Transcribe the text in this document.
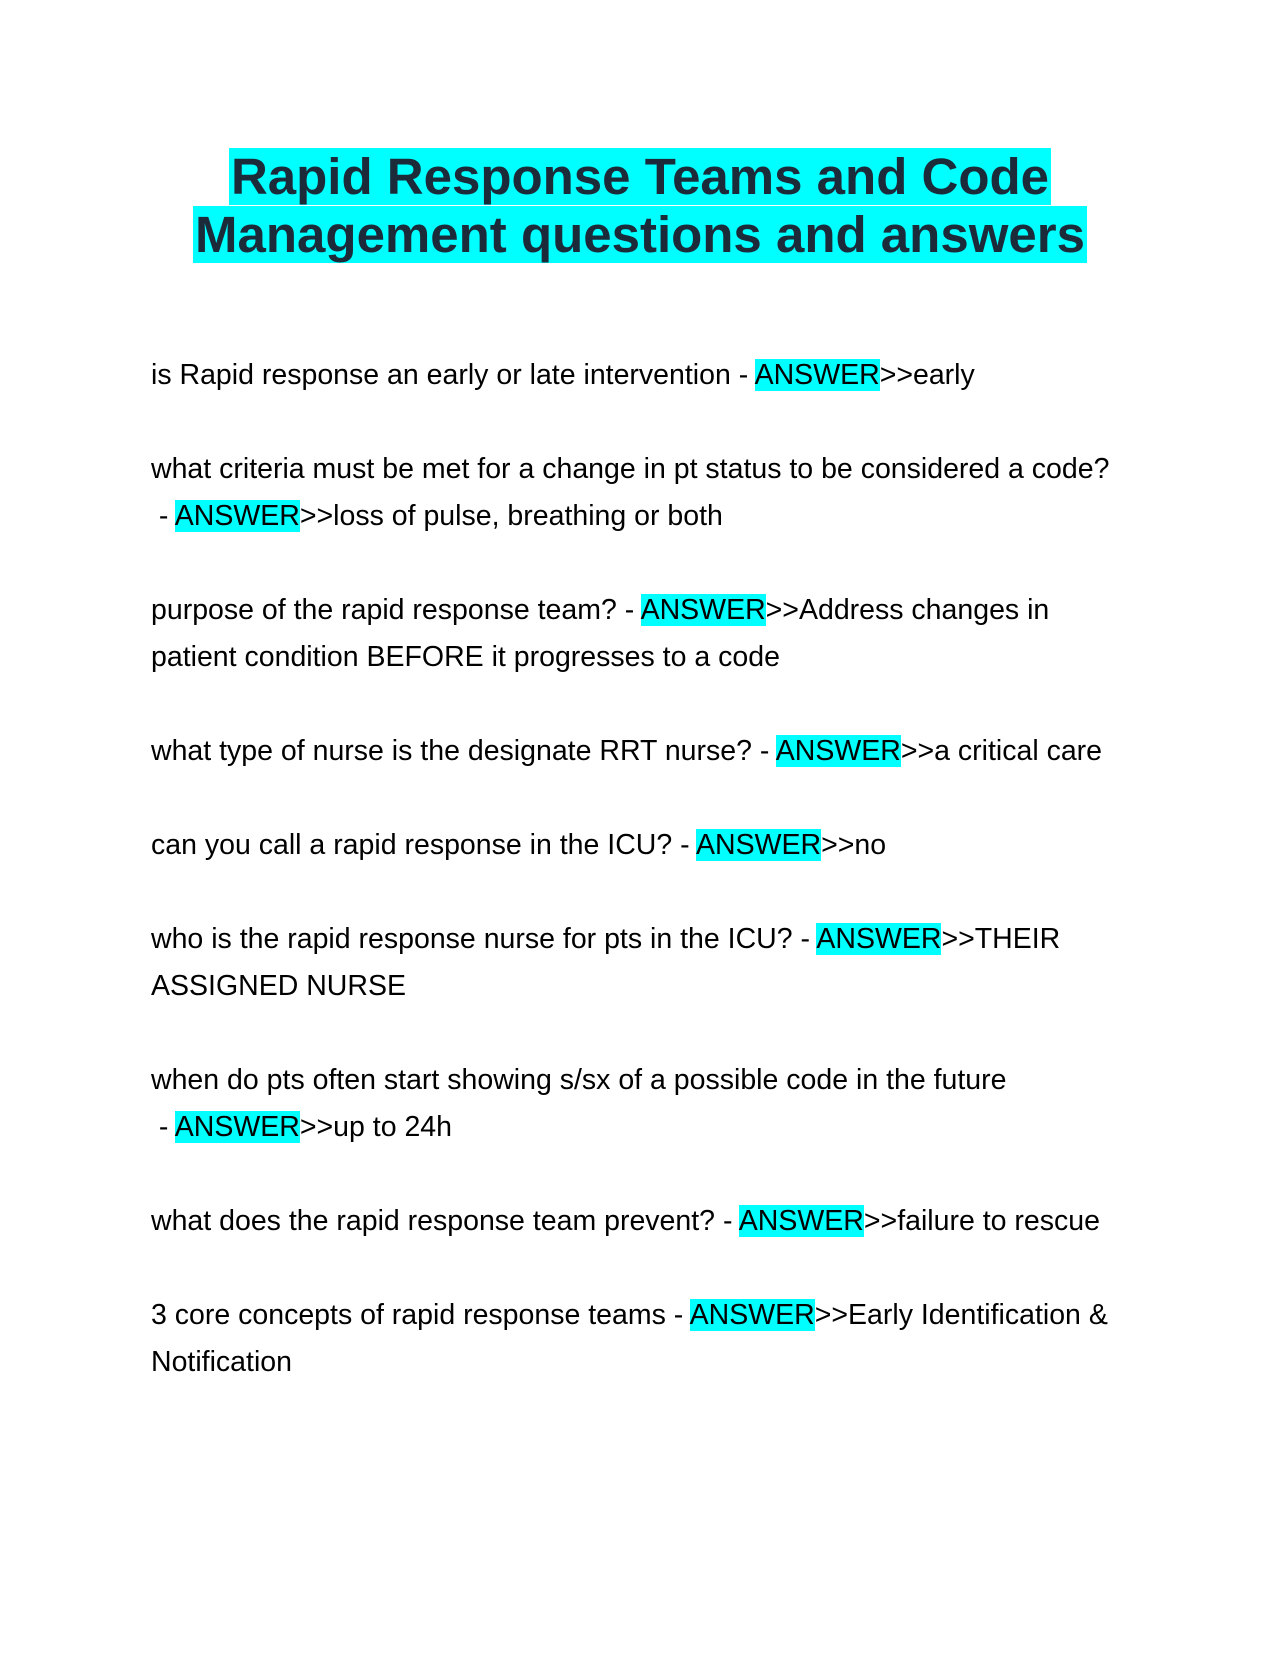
Rapid Response Teams and Code
Management questions and answers
is Rapid response an early or late intervention - ANSWER>>early
what criteria must be met for a change in pt status to be considered a code? - ANSWER>>loss of pulse, breathing or both
purpose of the rapid response team? - ANSWER>>Address changes in patient condition BEFORE it progresses to a code
what type of nurse is the designate RRT nurse? - ANSWER>>a critical care
can you call a rapid response in the ICU? - ANSWER>>no
who is the rapid response nurse for pts in the ICU? - ANSWER>>THEIR ASSIGNED NURSE
when do pts often start showing s/sx of a possible code in the future - ANSWER>>up to 24h
what does the rapid response team prevent? - ANSWER>>failure to rescue
3 core concepts of rapid response teams - ANSWER>>Early Identification & Notification
